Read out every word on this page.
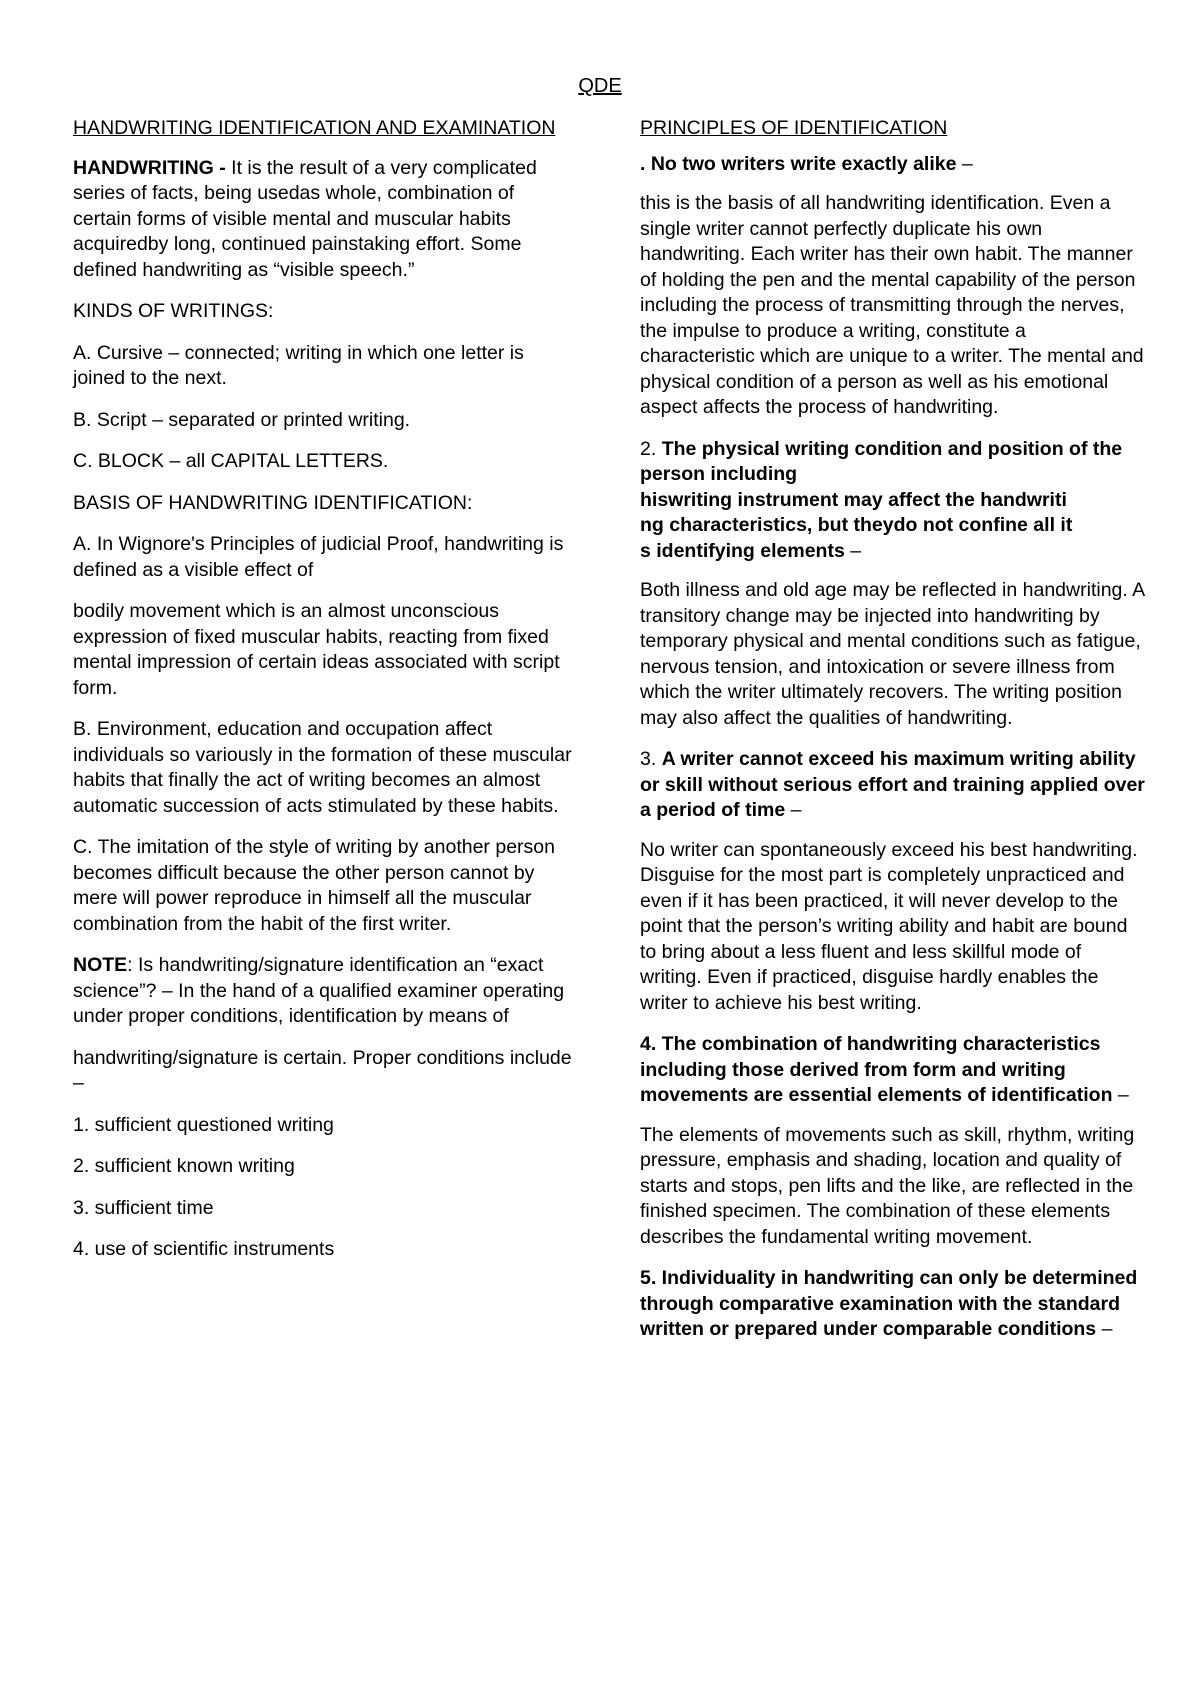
QDE
HANDWRITING IDENTIFICATION AND EXAMINATION

HANDWRITING - It is the result of a very complicated series of facts, being usedas whole, combination of certain forms of visible mental and muscular habits acquiredby long, continued painstaking effort. Some defined handwriting as “visible speech.”

KINDS OF WRITINGS:

A. Cursive – connected; writing in which one letter is joined to the next.

B. Script – separated or printed writing.

C. BLOCK – all CAPITAL LETTERS.

BASIS OF HANDWRITING IDENTIFICATION:

A. In Wignore's Principles of judicial Proof, handwriting is defined as a visible effect of

bodily movement which is an almost unconscious expression of fixed muscular habits, reacting from fixed mental impression of certain ideas associated with script form.

B. Environment, education and occupation affect individuals so variously in the formation of these muscular habits that finally the act of writing becomes an almost automatic succession of acts stimulated by these habits.

C. The imitation of the style of writing by another person becomes difficult because the other person cannot by mere will power reproduce in himself all the muscular combination from the habit of the first writer.

NOTE: Is handwriting/signature identification an “exact science”? – In the hand of a qualified examiner operating under proper conditions, identification by means of

handwriting/signature is certain. Proper conditions include –

1. sufficient questioned writing

2. sufficient known writing

3. sufficient time

4. use of scientific instruments

PRINCIPLES OF IDENTIFICATION

. No two writers write exactly alike –

this is the basis of all handwriting identification. Even a single writer cannot perfectly duplicate his own handwriting. Each writer has their own habit. The manner of holding the pen and the mental capability of the person including the process of transmitting through the nerves, the impulse to produce a writing, constitute a characteristic which are unique to a writer. The mental and physical condition of a person as well as his emotional aspect affects the process of handwriting.

2. The physical writing condition and position of the person including
hiswriting instrument may affect the handwriti
ng characteristics, but theydo not confine all it
s identifying elements –

Both illness and old age may be reflected in handwriting. A transitory change may be injected into handwriting by temporary physical and mental conditions such as fatigue, nervous tension, and intoxication or severe illness from which the writer ultimately recovers. The writing position may also affect the qualities of handwriting.

3. A writer cannot exceed his maximum writing ability or skill without serious effort and training applied over a period of time –

No writer can spontaneously exceed his best handwriting. Disguise for the most part is completely unpracticed and even if it has been practiced, it will never develop to the point that the person’s writing ability and habit are bound to bring about a less fluent and less skillful mode of writing. Even if practiced, disguise hardly enables the writer to achieve his best writing.

4. The combination of handwriting characteristics including those derived from form and writing movements are essential elements of identification –

The elements of movements such as skill, rhythm, writing pressure, emphasis and shading, location and quality of starts and stops, pen lifts and the like, are reflected in the finished specimen. The combination of these elements describes the fundamental writing movement.

5. Individuality in handwriting can only be determined through comparative examination with the standard written or prepared under comparable conditions –
